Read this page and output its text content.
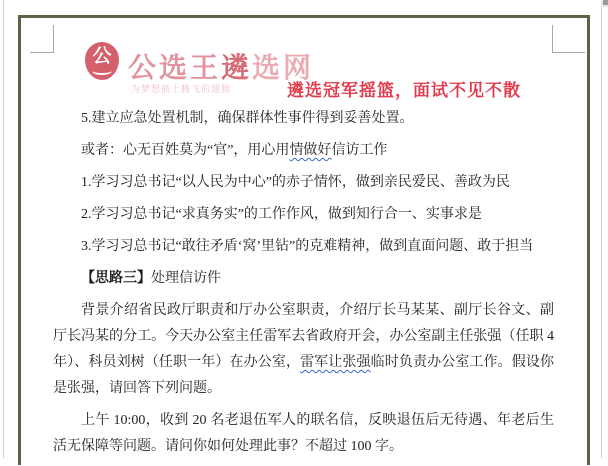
公 公选王遴选网
为梦想插上腾飞的翅膀	遴选冠军摇篮，面试不见不散

5.建立应急处置机制，确保群体性事件得到妥善处置。

或者：心无百姓莫为“官”，用心用情做好信访工作

1.学习习总书记“以人民为中心”的赤子情怀，做到亲民爱民、善政为民

2.学习习总书记“求真务实”的工作作风，做到知行合一、实事求是

3.学习习总书记“敢往矛盾‘窝’里钻”的克难精神，做到直面问题、敢于担当

【思路三】处理信访件

背景介绍省民政厅职责和厅办公室职责，介绍厅长马某某、副厅长谷文、副厅长冯某的分工。今天办公室主任雷军去省政府开会，办公室副主任张强（任职 4 年）、科员刘树（任职一年）在办公室，雷军让张强临时负责办公室工作。假设你是张强，请回答下列问题。

上午 10:00，收到 20 名老退伍军人的联名信，反映退伍后无待遇、年老后生活无保障等问题。请问你如何处理此事？不超过 100 字。
